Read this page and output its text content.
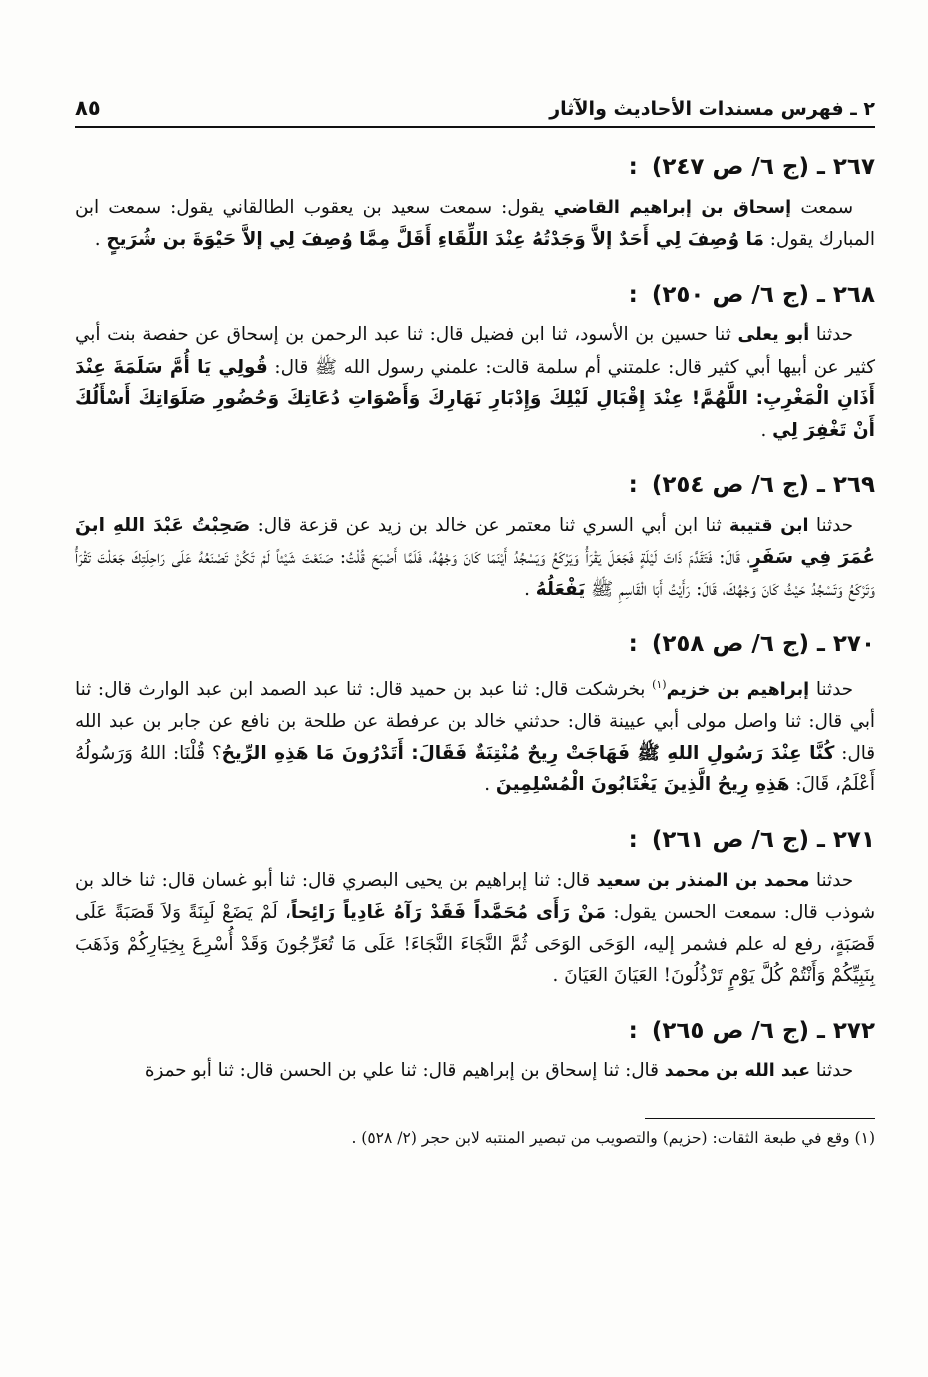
٢ ـ فهرس مسندات الأحاديث والآثار
٨٥
٢٦٧ ـ (ج ٦/ ص ٢٤٧):

سمعت إسحاق بن إبراهيم القاضي يقول: سمعت سعيد بن يعقوب الطالقاني يقول: سمعت ابن المبارك يقول: مَا وُصِفَ لِي أَحَدٌ إلاَّ وَجَدْتُهُ عِنْدَ اللِّقَاءِ أَقَلَّ مِمَّا وُصِفَ لِي إلاَّ حَيْوَةَ بن شُرَيحٍ .

٢٦٨ ـ (ج ٦/ ص ٢٥٠):

حدثنا أبو يعلى ثنا حسين بن الأسود، ثنا ابن فضيل قال: ثنا عبد الرحمن بن إسحاق عن حفصة بنت أبي كثير عن أبيها أبي كثير قال: علمتني أم سلمة قالت: علمني رسول الله ﷺ قال: قُولِي يَا أُمَّ سَلَمَةَ عِنْدَ أَذَانِ الْمَغْرِبِ: اللَّهُمَّ! عِنْدَ إِقْبَالِ لَيْلِكَ وَإِدْبَارِ نَهَارِكَ وَأَصْوَاتِ دُعَاتِكَ وَحُضُورِ صَلَوَاتِكَ أَسْأَلُكَ أَنْ تَغْفِرَ لِي .

٢٦٩ ـ (ج ٦/ ص ٢٥٤):

حدثنا ابن قتيبة ثنا ابن أبي السري ثنا معتمر عن خالد بن زيد عن قزعة قال: صَحِبْتُ عَبْدَ اللهِ ابنَ عُمَرَ فِي سَفَرٍ، قَالَ: فَتَقَدَّمَ ذَاتَ لَيْلَةٍ فَجَعَلَ يَقْرَأُ وَيَرْكَعُ وَيَسْجُدُ أَيْنَمَا كَانَ وَجْهُهُ، فَلَمَّا أَصْبَحَ قُلْتُ: صَنَعْتَ شَيْئاً لَمْ تَكُنْ تَصْنَعُهُ عَلَى رَاحِلَتِكَ جَعَلْتَ تَقْرَأُ وَتَرْكَعُ وَتَسْجُدُ حَيْثُ كَانَ وَجْهُكَ، قَالَ: رَأَيْتُ أَبَا الْقَاسِمِ ﷺ يَفْعَلُهُ .

٢٧٠ ـ (ج ٦/ ص ٢٥٨):

حدثنا إبراهيم بن خزيم$^{(١)}$ بخرشكت قال: ثنا عبد بن حميد قال: ثنا عبد الصمد ابن عبد الوارث قال: ثنا أبي قال: ثنا واصل مولى أبي عيينة قال: حدثني خالد بن عرفطة عن طلحة بن نافع عن جابر بن عبد الله قال: كُنَّا عِنْدَ رَسُولِ اللهِ ﷺ فَهَاجَتْ رِيحٌ مُنْتِنَةٌ فَقَالَ: أَتَدْرُونَ مَا هَذِهِ الرِّيحُ؟ قُلْنَا: اللهُ وَرَسُولُهُ أَعْلَمُ، قَالَ: هَذِهِ رِيحُ الَّذِينَ يَغْتَابُونَ الْمُسْلِمِينَ .

٢٧١ ـ (ج ٦/ ص ٢٦١):

حدثنا محمد بن المنذر بن سعيد قال: ثنا إبراهيم بن يحيى البصري قال: ثنا أبو غسان قال: ثنا خالد بن شوذب قال: سمعت الحسن يقول: مَنْ رَأَى مُحَمَّداً فَقَدْ رَآهُ غَادِياً رَائِحاً، لَمْ يَضَعْ لَبِنَةً وَلاَ قَصَبَةً عَلَى قَصَبَةٍ، رفع له علم فشمر إليه، الوَحَى الوَحَى ثُمَّ النَّجَاءَ النَّجَاءَ! عَلَى مَا تُعَرِّجُونَ وَقَدْ أُسْرِعَ بِخِيَارِكُمْ وَذَهَبَ بِنَبِيِّكُمْ وَأَنْتُمْ كُلَّ يَوْمٍ تَرْذُلُونَ! العَيَانَ العَيَانَ .

٢٧٢ ـ (ج ٦/ ص ٢٦٥):

حدثنا عبد الله بن محمد قال: ثنا إسحاق بن إبراهيم قال: ثنا علي بن الحسن قال: ثنا أبو حمزة

(١) وقع في طبعة الثقات: (حزيم) والتصويب من تبصير المنتبه لابن حجر (٢/ ٥٢٨) .
